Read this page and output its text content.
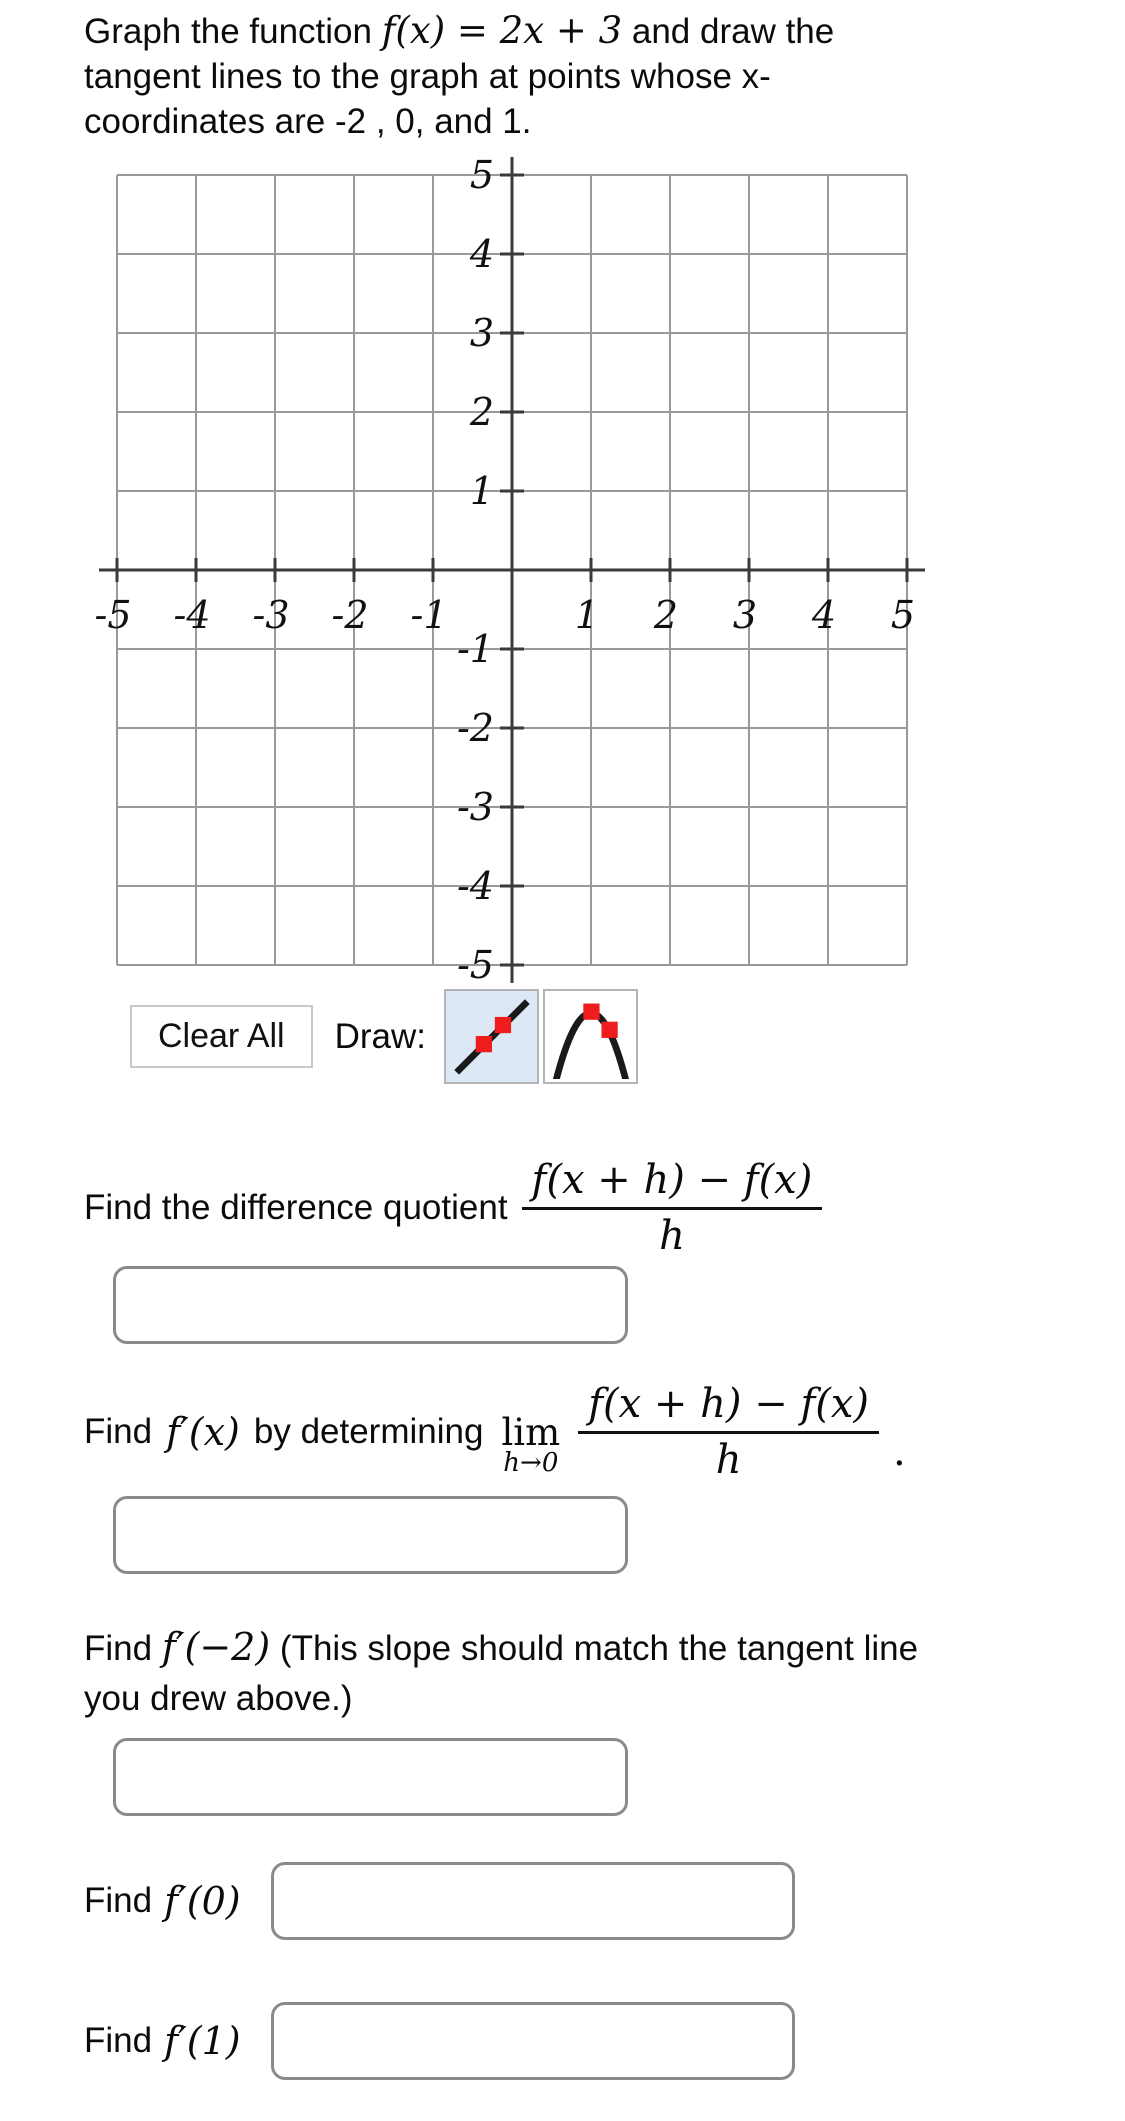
Graph the function f(x) = 2x + 3 and draw the tangent lines to the graph at points whose x-coordinates are -2 , 0, and 1.
-5 -4 -3 -2 -1	1 2 3 4 5
5
4
3
2
1
-1
-2
-3
-4
-5
Clear All	Draw:
Find the difference quotient $\frac{f(x + h) - f(x)}{h}$
Find f′(x) by determining lim
$h\to 0 \frac{f(x + h) - f(x)}{h}$ .
Find f′(−2) (This slope should match the tangent line you drew above.)
Find f′(0)
Find f′(1)
